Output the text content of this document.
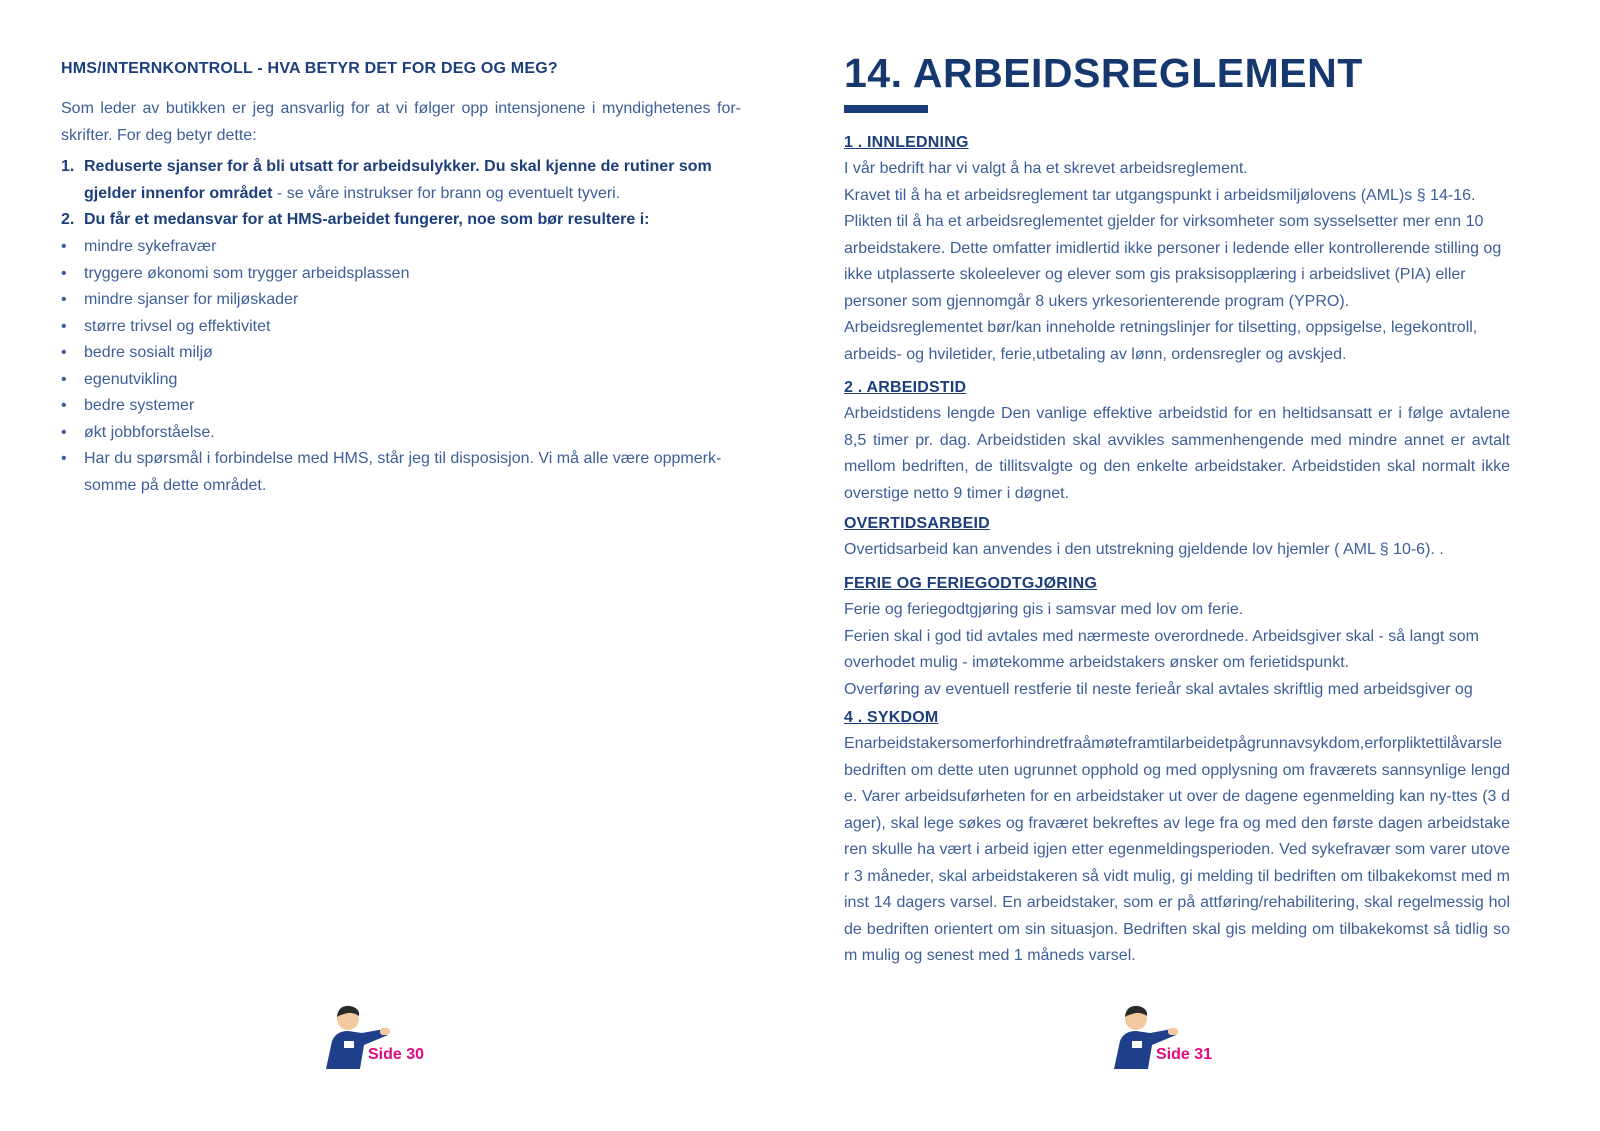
HMS/INTERNKONTROLL - HVA BETYR DET FOR DEG OG MEG?

Som leder av butikken er jeg ansvarlig for at vi følger opp intensjonene i myndighetenes for-skrifter. For deg betyr dette:

1. Reduserte sjanser for å bli utsatt for arbeidsulykker. Du skal kjenne de rutiner som gjelder innenfor området - se våre instrukser for brann og eventuelt tyveri.
2. Du får et medansvar for at HMS-arbeidet fungerer, noe som bør resultere i:
• mindre sykefravær
• tryggere økonomi som trygger arbeidsplassen
• mindre sjanser for miljøskader
• større trivsel og effektivitet
• bedre sosialt miljø
• egenutvikling
• bedre systemer
• økt jobbforståelse.
• Har du spørsmål i forbindelse med HMS, står jeg til disposisjon. Vi må alle være oppmerk-somme på dette området.

Side 30

14. ARBEIDSREGLEMENT
1 . INNLEDNING

I vår bedrift har vi valgt å ha et skrevet arbeidsreglement.

Kravet til å ha et arbeidsreglement tar utgangspunkt i arbeidsmiljølovens (AML)s § 14-16.

Plikten til å ha et arbeidsreglementet gjelder for virksomheter som sysselsetter mer enn 10 arbeidstakere. Dette omfatter imidlertid ikke personer i ledende eller kontrollerende stilling og ikke utplasserte skoleelever og elever som gis praksisopplæring i arbeidslivet (PIA) eller personer som gjennomgår 8 ukers yrkesorienterende program (YPRO).

Arbeidsreglementet bør/kan inneholde retningslinjer for tilsetting, oppsigelse, legekontroll, arbeids- og hviletider, ferie,utbetaling av lønn, ordensregler og avskjed.

2 . ARBEIDSTID

Arbeidstidens lengde Den vanlige effektive arbeidstid for en heltidsansatt er i følge avtalene 8,5 timer pr. dag. Arbeidstiden skal avvikles sammenhengende med mindre annet er avtalt mellom bedriften, de tillitsvalgte og den enkelte arbeidstaker. Arbeidstiden skal normalt ikke overstige netto 9 timer i døgnet.

OVERTIDSARBEID

Overtidsarbeid kan anvendes i den utstrekning gjeldende lov hjemler ( AML § 10-6). .

FERIE OG FERIEGODTGJØRING

Ferie og feriegodtgjøring gis i samsvar med lov om ferie.

Ferien skal i god tid avtales med nærmeste overordnede. Arbeidsgiver skal - så langt som overhodet mulig - imøtekomme arbeidstakers ønsker om ferietidspunkt.

Overføring av eventuell restferie til neste ferieår skal avtales skriftlig med arbeidsgiver og

4 . SYKDOM

Enarbeidstakersomerforhindretfraåmøteframtilarbeidetpågrunnavsykdom,erforpliktettilåvarsle bedriften om dette uten ugrunnet opphold og med opplysning om fraværets sannsynlige lengde. Varer arbeidsuførheten for en arbeidstaker ut over de dagene egenmelding kan ny-ttes (3 dager), skal lege søkes og fraværet bekreftes av lege fra og med den første dagen arbeidstakeren skulle ha vært i arbeid igjen etter egenmeldingsperioden. Ved sykefravær som varer utover 3 måneder, skal arbeidstakeren så vidt mulig, gi melding til bedriften om tilbakekomst med minst 14 dagers varsel. En arbeidstaker, som er på attføring/rehabilitering, skal regelmessig holde bedriften orientert om sin situasjon. Bedriften skal gis melding om tilbakekomst så tidlig som mulig og senest med 1 måneds varsel.

Side 31
